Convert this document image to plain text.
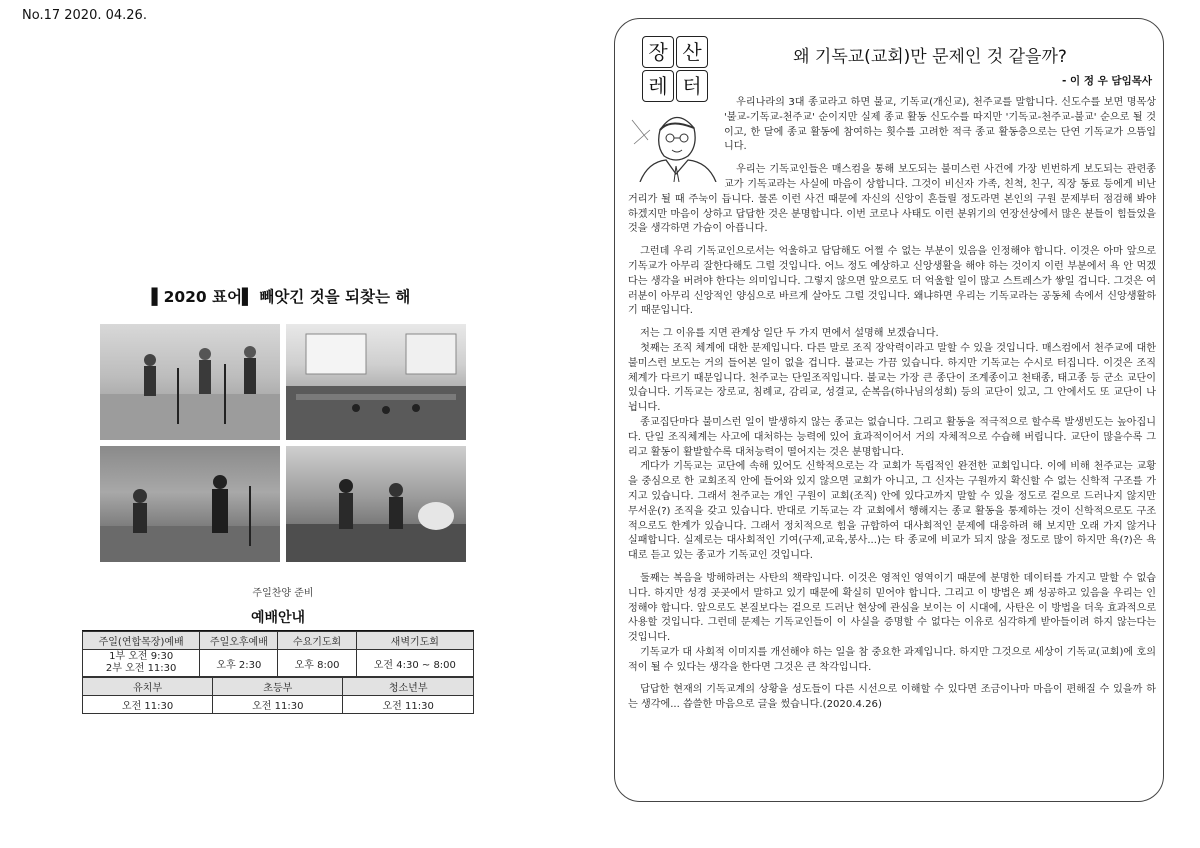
No.17 2020. 04.26.
▌2020 표어▌ 빼앗긴 것을 되찾는 해
주일찬양 준비
예배안내
주일(연합목장)예배	주일오후예배	수요기도회	새벽기도회

1부 오전 9:30
2부 오전 11:30	오후 2:30	오후 8:00	오전 4:30 ~ 8:00
유치부	초등부	청소년부
오전 11:30	오전 11:30	오전 11:30
장 산
레 터
왜 기독교(교회)만 문제인 것 같을까?
- 이 정 우 담임목사

우리나라의 3대 종교라고 하면 불교, 기독교(개신교), 천주교를 말합니다. 신도수를 보면 명목상 '불교-기독교-천주교' 순이지만 실제 종교 활동 신도수를 따지만 '기독교-천주교-불교' 순으로 될 것이고, 한 달에 종교 활동에 참여하는 횟수를 고려한 적극 종교 활동층으로는 단연 기독교가 으뜸입니다.

우리는 기독교인들은 매스컴을 통해 보도되는 불미스런 사건에 가장 빈번하게 보도되는 관련종교가 기독교라는 사실에 마음이 상합니다. 그것이 비신자 가족, 친척, 친구, 직장 동료 등에게 비난거리가 될 때 주눅이 듭니다. 물론 이런 사건 때문에 자신의 신앙이 흔들릴 정도라면 본인의 구원 문제부터 점검해 봐야 하겠지만 마음이 상하고 답답한 것은 분명합니다. 이번 코로나 사태도 이런 분위기의 연장선상에서 많은 분들이 힘들었을 것을 생각하면 가슴이 아픕니다.

그런데 우리 기독교인으로서는 억울하고 답답해도 어쩔 수 없는 부분이 있음을 인정해야 합니다. 이것은 아마 앞으로 기독교가 아무리 잘한다해도 그럴 것입니다. 어느 정도 예상하고 신앙생활을 해야 하는 것이지 이런 부분에서 욕 안 먹겠다는 생각을 버려야 한다는 의미입니다. 그렇지 않으면 앞으로도 더 억울할 일이 많고 스트레스가 쌓일 겁니다. 그것은 여러분이 아무리 신앙적인 양심으로 바르게 살아도 그럴 것입니다. 왜냐하면 우리는 기독교라는 공동체 속에서 신앙생활하기 때문입니다.

저는 그 이유를 지면 관계상 일단 두 가지 면에서 설명해 보겠습니다.

첫째는 조직 체계에 대한 문제입니다. 다른 말로 조직 장악력이라고 말할 수 있을 것입니다. 매스컴에서 천주교에 대한 불미스런 보도는 거의 들어본 일이 없을 겁니다. 불교는 가끔 있습니다. 하지만 기독교는 수시로 터집니다. 이것은 조직 체계가 다르기 때문입니다. 천주교는 단일조직입니다. 불교는 가장 큰 종단이 조계종이고 천태종, 태고종 등 군소 교단이 있습니다. 기독교는 장로교, 침례교, 감리교, 성결교, 순복음(하나님의성회) 등의 교단이 있고, 그 안에서도 또 교단이 나뉩니다.

종교집단마다 불미스런 일이 발생하지 않는 종교는 없습니다. 그리고 활동을 적극적으로 할수록 발생빈도는 높아집니다. 단일 조직체계는 사고에 대처하는 능력에 있어 효과적이어서 거의 자체적으로 수습해 버립니다. 교단이 많을수록 그리고 활동이 활발할수록 대처능력이 떨어지는 것은 분명합니다.

게다가 기독교는 교단에 속해 있어도 신학적으로는 각 교회가 독립적인 완전한 교회입니다. 이에 비해 천주교는 교황을 중심으로 한 교회조직 안에 들어와 있지 않으면 교회가 아니고, 그 신자는 구원까지 확신할 수 없는 신학적 구조를 가지고 있습니다. 그래서 천주교는 개인 구원이 교회(조직) 안에 있다고까지 말할 수 있을 정도로 겉으로 드러나지 않지만 무서운(?) 조직을 갖고 있습니다. 반대로 기독교는 각 교회에서 행해지는 종교 활동을 통제하는 것이 신학적으로도 구조적으로도 한계가 있습니다. 그래서 정치적으로 힘을 규합하여 대사회적인 문제에 대응하려 해 보지만 오래 가지 않거나 실패합니다. 실제로는 대사회적인 기여(구제,교육,봉사...)는 타 종교에 비교가 되지 않을 정도로 많이 하지만 욕(?)은 욕대로 듣고 있는 종교가 기독교인 것입니다.

둘째는 복음을 방해하려는 사탄의 책략입니다. 이것은 영적인 영역이기 때문에 분명한 데이터를 가지고 말할 수 없습니다. 하지만 성경 곳곳에서 말하고 있기 때문에 확실히 믿어야 합니다. 그리고 이 방법은 꽤 성공하고 있음을 우리는 인정해야 합니다. 앞으로도 본질보다는 겉으로 드러난 현상에 관심을 보이는 이 시대에, 사탄은 이 방법을 더욱 효과적으로 사용할 것입니다. 그런데 문제는 기독교인들이 이 사실을 증명할 수 없다는 이유로 심각하게 받아들이려 하지 않는다는 것입니다.

기독교가 대 사회적 이미지를 개선해야 하는 일을 참 중요한 과제입니다. 하지만 그것으로 세상이 기독교(교회)에 호의적이 될 수 있다는 생각을 한다면 그것은 큰 착각입니다.

답답한 현재의 기독교계의 상황을 성도들이 다른 시선으로 이해할 수 있다면 조금이나마 마음이 편해질 수 있을까 하는 생각에... 씁쓸한 마음으로 글을 썼습니다.(2020.4.26)
